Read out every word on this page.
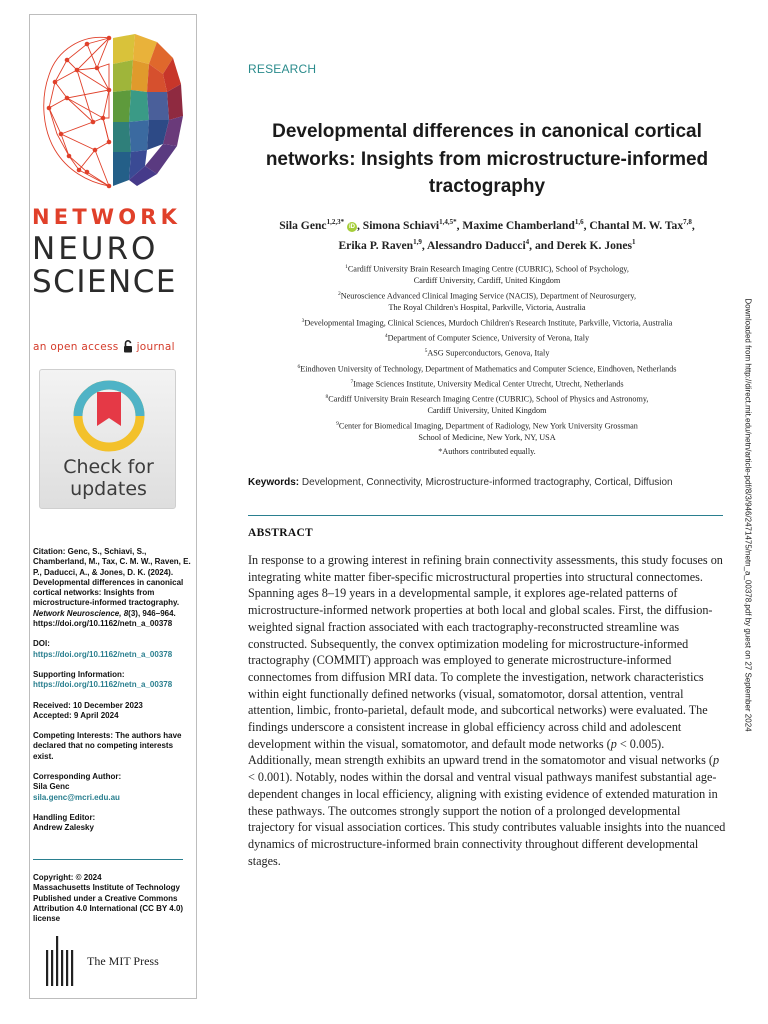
NETWORK
NEURO
SCIENCE
an open access journal
Check for updates
Citation: Genc, S., Schiavi, S., Chamberland, M., Tax, C. M. W., Raven, E. P., Daducci, A., & Jones, D. K. (2024). Developmental differences in canonical cortical networks: Insights from microstructure-informed tractography. Network Neuroscience, 8(3), 946–964. https://doi.org/10.1162/netn_a_00378
DOI:
https://doi.org/10.1162/netn_a_00378
Supporting Information:
https://doi.org/10.1162/netn_a_00378
Received: 10 December 2023
Accepted: 9 April 2024
Competing Interests: The authors have declared that no competing interests exist.
Corresponding Author:
Sila Genc
sila.genc@mcri.edu.au
Handling Editor:
Andrew Zalesky
Copyright: © 2024
Massachusetts Institute of Technology
Published under a Creative Commons Attribution 4.0 International (CC BY 4.0) license
The MIT Press
RESEARCH
Developmental differences in canonical cortical networks: Insights from microstructure-informed tractography
Sila Genc$^{1,2,3*}$ iD , Simona Schiavi$^{1,4,5*}$, Maxime Chamberland$^{1,6}$, Chantal M. W. Tax$^{7,8}$,
Erika P. Raven$^{1,9}$, Alessandro Daducci$^4$, and Derek K. Jones$^1$
$^1$Cardiff University Brain Research Imaging Centre (CUBRIC), School of Psychology,
Cardiff University, Cardiff, United Kingdom
$^2$Neuroscience Advanced Clinical Imaging Service (NACIS), Department of Neurosurgery,
The Royal Children's Hospital, Parkville, Victoria, Australia
$^3$Developmental Imaging, Clinical Sciences, Murdoch Children's Research Institute, Parkville, Victoria, Australia
$^4$Department of Computer Science, University of Verona, Italy
$^5$ASG Superconductors, Genova, Italy
$^6$Eindhoven University of Technology, Department of Mathematics and Computer Science, Eindhoven, Netherlands
$^7$Image Sciences Institute, University Medical Center Utrecht, Utrecht, Netherlands
$^8$Cardiff University Brain Research Imaging Centre (CUBRIC), School of Physics and Astronomy,
Cardiff University, United Kingdom
$^9$Center for Biomedical Imaging, Department of Radiology, New York University Grossman
School of Medicine, New York, NY, USA
*Authors contributed equally.
Keywords: Development, Connectivity, Microstructure-informed tractography, Cortical, Diffusion
ABSTRACT

In response to a growing interest in refining brain connectivity assessments, this study focuses on integrating white matter fiber-specific microstructural properties into structural connectomes. Spanning ages 8–19 years in a developmental sample, it explores age-related patterns of microstructure-informed network properties at both local and global scales. First, the diffusion-weighted signal fraction associated with each tractography-reconstructed streamline was constructed. Subsequently, the convex optimization modeling for microstructure-informed tractography (COMMIT) approach was employed to generate microstructure-informed connectomes from diffusion MRI data. To complete the investigation, network characteristics within eight functionally defined networks (visual, somatomotor, dorsal attention, ventral attention, limbic, fronto-parietal, default mode, and subcortical networks) were evaluated. The findings underscore a consistent increase in global efficiency across child and adolescent development within the visual, somatomotor, and default mode networks (p < 0.005). Additionally, mean strength exhibits an upward trend in the somatomotor and visual networks (p < 0.001). Notably, nodes within the dorsal and ventral visual pathways manifest substantial age-dependent changes in local efficiency, aligning with existing evidence of extended maturation in these pathways. The outcomes strongly support the notion of a prolonged developmental trajectory for visual association cortices. This study contributes valuable insights into the nuanced dynamics of microstructure-informed brain connectivity throughout different developmental stages.

Downloaded from http://direct.mit.edu/netn/article-pdf/8/3/946/2471475/netn_a_00378.pdf by guest on 27 September 2024
